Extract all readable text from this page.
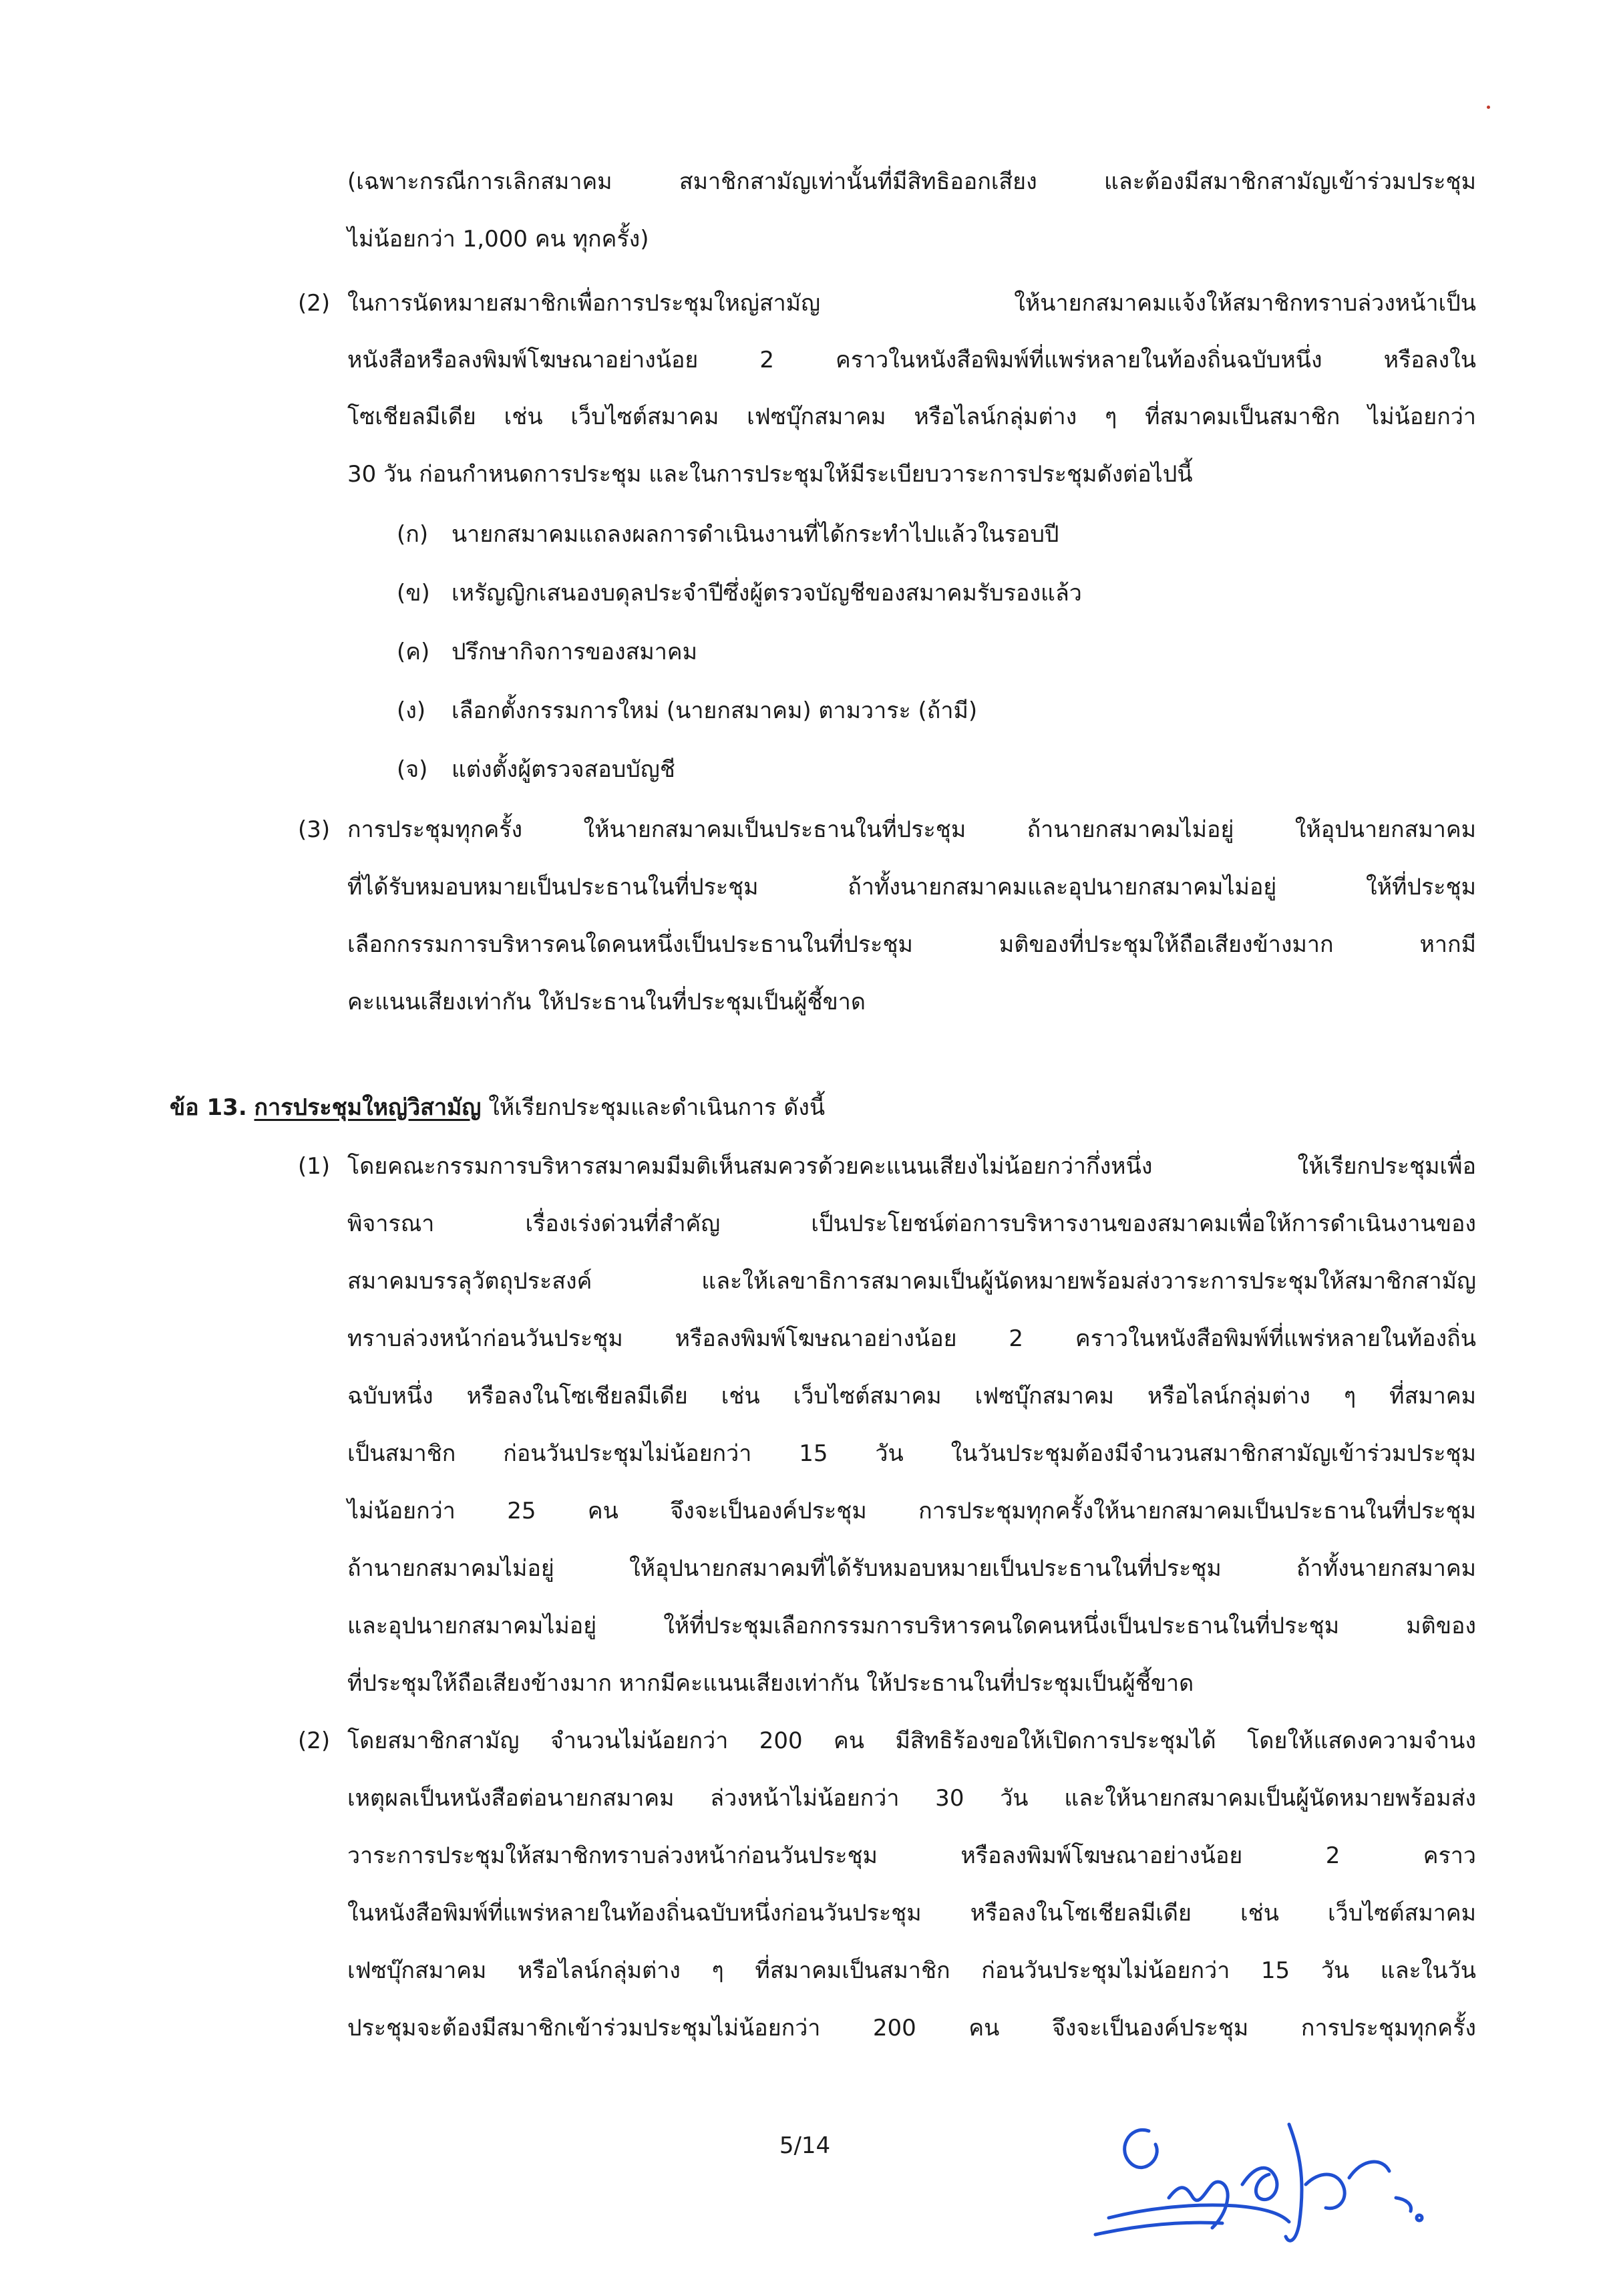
(เฉพาะกรณีการเลิกสมาคม สมาชิกสามัญเท่านั้นที่มีสิทธิออกเสียง และต้องมีสมาชิกสามัญเข้าร่วมประชุม
ไม่น้อยกว่า 1,000 คน ทุกครั้ง)
(2) ในการนัดหมายสมาชิกเพื่อการประชุมใหญ่สามัญ ให้นายกสมาคมแจ้งให้สมาชิกทราบล่วงหน้าเป็น
หนังสือหรือลงพิมพ์โฆษณาอย่างน้อย 2 คราวในหนังสือพิมพ์ที่แพร่หลายในท้องถิ่นฉบับหนึ่ง หรือลงใน
โซเชียลมีเดีย เช่น เว็บไซต์สมาคม เฟซบุ๊กสมาคม หรือไลน์กลุ่มต่าง ๆ ที่สมาคมเป็นสมาชิก ไม่น้อยกว่า
30 วัน ก่อนกำหนดการประชุม และในการประชุมให้มีระเบียบวาระการประชุมดังต่อไปนี้
(ก) นายกสมาคมแถลงผลการดำเนินงานที่ได้กระทำไปแล้วในรอบปี
(ข) เหรัญญิกเสนองบดุลประจำปีซึ่งผู้ตรวจบัญชีของสมาคมรับรองแล้ว
(ค) ปรึกษากิจการของสมาคม
(ง) เลือกตั้งกรรมการใหม่ (นายกสมาคม) ตามวาระ (ถ้ามี)
(จ) แต่งตั้งผู้ตรวจสอบบัญชี
(3) การประชุมทุกครั้ง ให้นายกสมาคมเป็นประธานในที่ประชุม ถ้านายกสมาคมไม่อยู่ ให้อุปนายกสมาคม
ที่ได้รับหมอบหมายเป็นประธานในที่ประชุม ถ้าทั้งนายกสมาคมและอุปนายกสมาคมไม่อยู่ ให้ที่ประชุม
เลือกกรรมการบริหารคนใดคนหนึ่งเป็นประธานในที่ประชุม มติของที่ประชุมให้ถือเสียงข้างมาก หากมี
คะแนนเสียงเท่ากัน ให้ประธานในที่ประชุมเป็นผู้ชี้ขาด
ข้อ 13. การประชุมใหญ่วิสามัญ ให้เรียกประชุมและดำเนินการ ดังนี้
(1) โดยคณะกรรมการบริหารสมาคมมีมติเห็นสมควรด้วยคะแนนเสียงไม่น้อยกว่ากึ่งหนึ่ง ให้เรียกประชุมเพื่อ
พิจารณา เรื่องเร่งด่วนที่สำคัญ เป็นประโยชน์ต่อการบริหารงานของสมาคมเพื่อให้การดำเนินงานของ
สมาคมบรรลุวัตถุประสงค์ และให้เลขาธิการสมาคมเป็นผู้นัดหมายพร้อมส่งวาระการประชุมให้สมาชิกสามัญ
ทราบล่วงหน้าก่อนวันประชุม หรือลงพิมพ์โฆษณาอย่างน้อย 2 คราวในหนังสือพิมพ์ที่แพร่หลายในท้องถิ่น
ฉบับหนึ่ง หรือลงในโซเชียลมีเดีย เช่น เว็บไซต์สมาคม เฟซบุ๊กสมาคม หรือไลน์กลุ่มต่าง ๆ ที่สมาคม
เป็นสมาชิก ก่อนวันประชุมไม่น้อยกว่า 15 วัน ในวันประชุมต้องมีจำนวนสมาชิกสามัญเข้าร่วมประชุม
ไม่น้อยกว่า 25 คน จึงจะเป็นองค์ประชุม การประชุมทุกครั้งให้นายกสมาคมเป็นประธานในที่ประชุม
ถ้านายกสมาคมไม่อยู่ ให้อุปนายกสมาคมที่ได้รับหมอบหมายเป็นประธานในที่ประชุม ถ้าทั้งนายกสมาคม
และอุปนายกสมาคมไม่อยู่ ให้ที่ประชุมเลือกกรรมการบริหารคนใดคนหนึ่งเป็นประธานในที่ประชุม มติของ
ที่ประชุมให้ถือเสียงข้างมาก หากมีคะแนนเสียงเท่ากัน ให้ประธานในที่ประชุมเป็นผู้ชี้ขาด
(2) โดยสมาชิกสามัญ จำนวนไม่น้อยกว่า 200 คน มีสิทธิร้องขอให้เปิดการประชุมได้ โดยให้แสดงความจำนง
เหตุผลเป็นหนังสือต่อนายกสมาคม ล่วงหน้าไม่น้อยกว่า 30 วัน และให้นายกสมาคมเป็นผู้นัดหมายพร้อมส่ง
วาระการประชุมให้สมาชิกทราบล่วงหน้าก่อนวันประชุม หรือลงพิมพ์โฆษณาอย่างน้อย 2 คราว
ในหนังสือพิมพ์ที่แพร่หลายในท้องถิ่นฉบับหนึ่งก่อนวันประชุม หรือลงในโซเชียลมีเดีย เช่น เว็บไซต์สมาคม
เฟซบุ๊กสมาคม หรือไลน์กลุ่มต่าง ๆ ที่สมาคมเป็นสมาชิก ก่อนวันประชุมไม่น้อยกว่า 15 วัน และในวัน
ประชุมจะต้องมีสมาชิกเข้าร่วมประชุมไม่น้อยกว่า 200 คน จึงจะเป็นองค์ประชุม การประชุมทุกครั้ง
5/14
